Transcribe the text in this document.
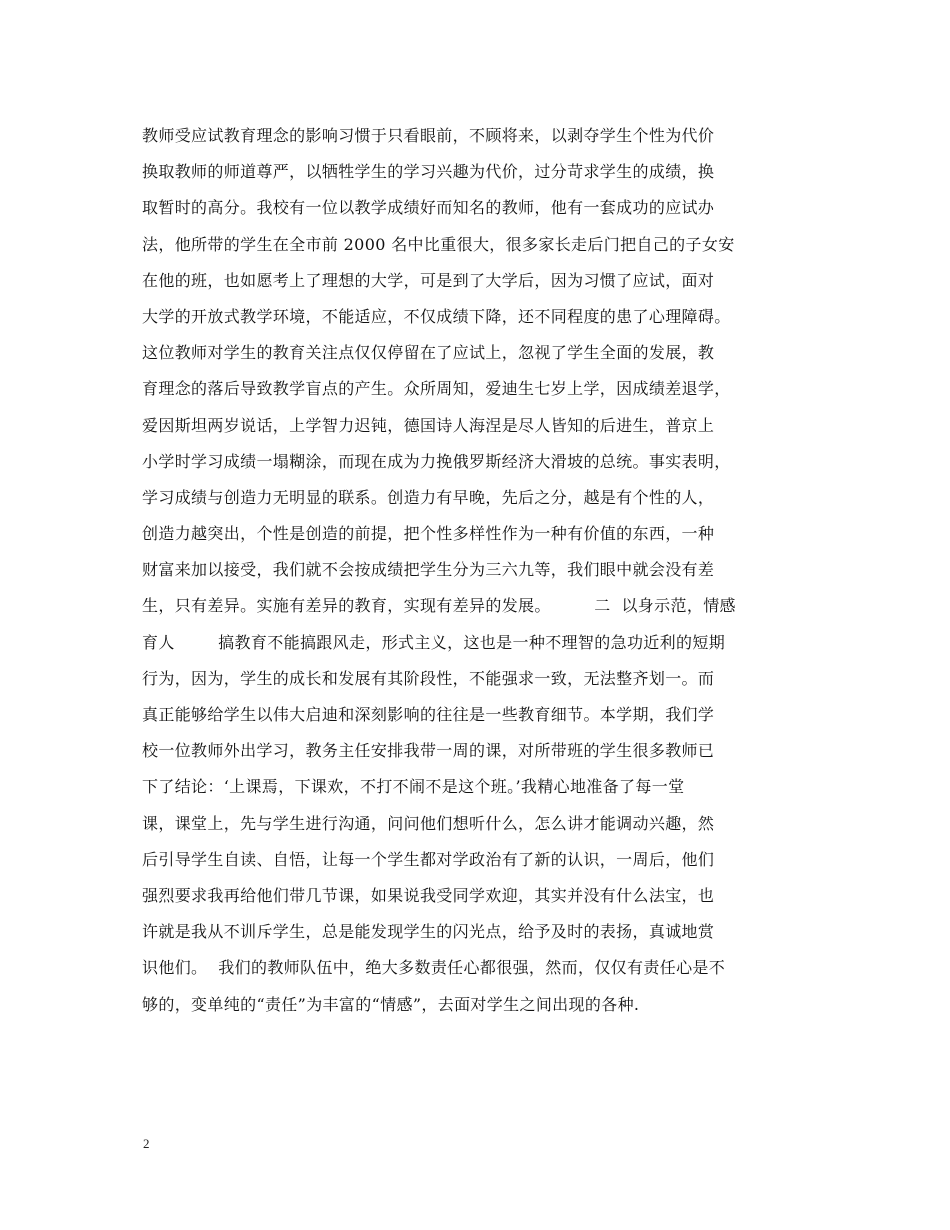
教师受应试教育理念的影响习惯于只看眼前，不顾将来，以剥夺学生个性为代价
换取教师的师道尊严，以牺牲学生的学习兴趣为代价，过分苛求学生的成绩，换
取暂时的高分。我校有一位以教学成绩好而知名的教师，他有一套成功的应试办
法，他所带的学生在全市前 2000 名中比重很大，很多家长走后门把自己的子女安
在他的班，也如愿考上了理想的大学，可是到了大学后，因为习惯了应试，面对
大学的开放式教学环境，不能适应，不仅成绩下降，还不同程度的患了心理障碍。
这位教师对学生的教育关注点仅仅停留在了应试上，忽视了学生全面的发展，教
育理念的落后导致教学盲点的产生。众所周知，爱迪生七岁上学，因成绩差退学，
爱因斯坦两岁说话，上学智力迟钝，德国诗人海涅是尽人皆知的后进生，普京上
小学时学习成绩一塌糊涂，而现在成为力挽俄罗斯经济大滑坡的总统。事实表明，
学习成绩与创造力无明显的联系。创造力有早晚，先后之分，越是有个性的人，
创造力越突出，个性是创造的前提，把个性多样性作为一种有价值的东西，一种
财富来加以接受，我们就不会按成绩把学生分为三六九等，我们眼中就会没有差
生，只有差异。实施有差异的教育，实现有差异的发展。        二  以身示范，情感
育人        搞教育不能搞跟风走，形式主义，这也是一种不理智的急功近利的短期
行为，因为，学生的成长和发展有其阶段性，不能强求一致，无法整齐划一。而
真正能够给学生以伟大启迪和深刻影响的往往是一些教育细节。本学期，我们学
校一位教师外出学习，教务主任安排我带一周的课，对所带班的学生很多教师已
下了结论：‘上课焉，下课欢，不打不闹不是这个班。’我精心地准备了每一堂
课，课堂上，先与学生进行沟通，问问他们想听什么，怎么讲才能调动兴趣，然
后引导学生自读、自悟，让每一个学生都对学政治有了新的认识，一周后，他们
强烈要求我再给他们带几节课，如果说我受同学欢迎，其实并没有什么法宝，也
许就是我从不训斥学生，总是能发现学生的闪光点，给予及时的表扬，真诚地赏
识他们。  我们的教师队伍中，绝大多数责任心都很强，然而，仅仅有责任心是不
够的，变单纯的“责任”为丰富的“情感”，去面对学生之间出现的各种.
2
